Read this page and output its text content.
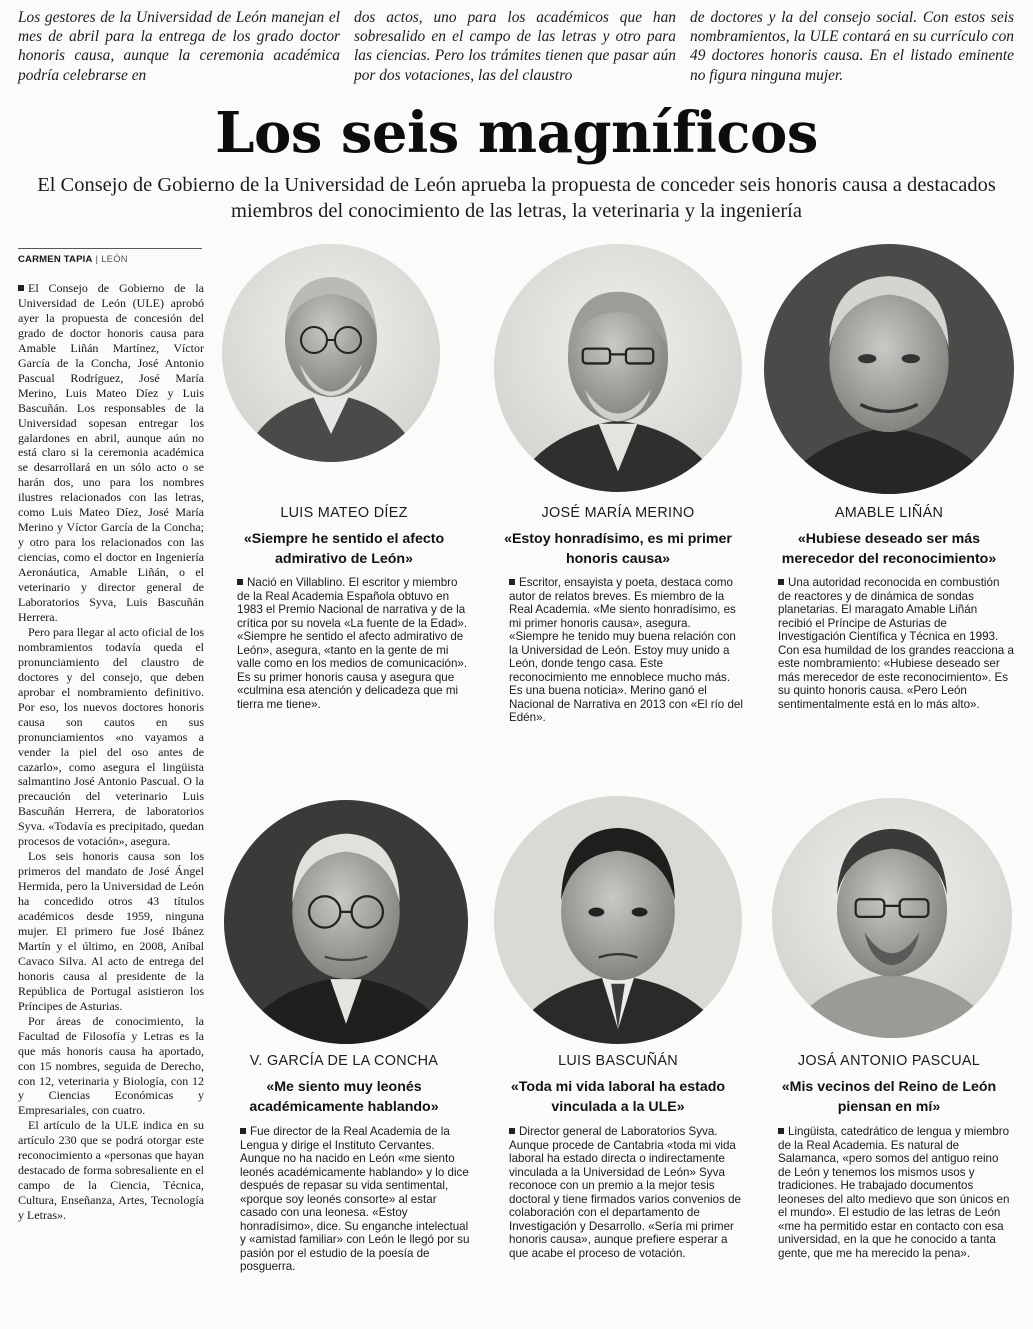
Los gestores de la Universidad de León manejan el mes de abril para la entrega de los grado doctor honoris causa, aunque la ceremonia académica podría celebrarse en
dos actos, uno para los académicos que han sobresalido en el campo de las letras y otro para las ciencias. Pero los trámites tienen que pasar aún por dos votaciones, las del claustro
de doctores y la del consejo social. Con estos seis nombramientos, la ULE contará en su currículo con 49 doctores honoris causa. En el listado eminente no figura ninguna mujer.
Los seis magníficos
El Consejo de Gobierno de la Universidad de León aprueba la propuesta de conceder seis honoris causa a destacados miembros del conocimiento de las letras, la veterinaria y la ingeniería
CARMEN TAPIA | LEÓN

El Consejo de Gobierno de la Universidad de León (ULE) aprobó ayer la propuesta de concesión del grado de doctor honoris causa para Amable Liñán Martínez, Víctor García de la Concha, José Antonio Pascual Rodríguez, José María Merino, Luis Mateo Díez y Luis Bascuñán. Los responsables de la Universidad sopesan entregar los galardones en abril, aunque aún no está claro si la ceremonia académica se desarrollará en un sólo acto o se harán dos, uno para los nombres ilustres relacionados con las letras, como Luis Mateo Díez, José María Merino y Víctor García de la Concha; y otro para los relacionados con las ciencias, como el doctor en Ingeniería Aeronáutica, Amable Liñán, o el veterinario y director general de Laboratorios Syva, Luis Bascuñán Herrera.

Pero para llegar al acto oficial de los nombramientos todavía queda el pronunciamiento del claustro de doctores y del consejo, que deben aprobar el nombramiento definitivo. Por eso, los nuevos doctores honoris causa son cautos en sus pronunciamientos «no vayamos a vender la piel del oso antes de cazarlo», como asegura el lingüista salmantino José Antonio Pascual. O la precaución del veterinario Luis Bascuñán Herrera, de laboratorios Syva. «Todavía es precipitado, quedan procesos de votación», asegura.

Los seis honoris causa son los primeros del mandato de José Ángel Hermida, pero la Universidad de León ha concedido otros 43 títulos académicos desde 1959, ninguna mujer. El primero fue José Ibánez Martín y el último, en 2008, Aníbal Cavaco Silva. Al acto de entrega del honoris causa al presidente de la República de Portugal asistieron los Príncipes de Asturias.

Por áreas de conocimiento, la Facultad de Filosofía y Letras es la que más honoris causa ha aportado, con 15 nombres, seguida de Derecho, con 12, veterinaria y Biología, con 12 y Ciencias Económicas y Empresariales, con cuatro.

El artículo de la ULE indica en su artículo 230 que se podrá otorgar este reconocimiento a «personas que hayan destacado de forma sobresaliente en el campo de la Ciencia, Técnica, Cultura, Enseñanza, Artes, Tecnología y Letras».

LUIS MATEO DÍEZ
«Siempre he sentido el afecto admirativo de León»
Nació en Villablino. El escritor y miembro de la Real Academia Española obtuvo en 1983 el Premio Nacional de narrativa y de la crítica por su novela «La fuente de la Edad». «Siempre he sentido el afecto admirativo de León», asegura, «tanto en la gente de mi valle como en los medios de comunicación». Es su primer honoris causa y asegura que «culmina esa atención y delicadeza que mi tierra me tiene».
JOSÉ MARÍA MERINO
«Estoy honradísimo, es mi primer honoris causa»
Escritor, ensayista y poeta, destaca como autor de relatos breves. Es miembro de la Real Academia. «Me siento honradísimo, es mi primer honoris causa», asegura. «Siempre he tenido muy buena relación con la Universidad de León. Estoy muy unido a León, donde tengo casa. Este reconocimiento me ennoblece mucho más. Es una buena noticia». Merino ganó el Nacional de Narrativa en 2013 con «El río del Edén».
AMABLE LIÑÁN
«Hubiese deseado ser más merecedor del reconocimiento»
Una autoridad reconocida en combustión de reactores y de dinámica de sondas planetarias. El maragato Amable Liñán recibió el Príncipe de Asturias de Investigación Científica y Técnica en 1993. Con esa humildad de los grandes reacciona a este nombramiento: «Hubiese deseado ser más merecedor de este reconocimiento». Es su quinto honoris causa. «Pero León sentimentalmente está en lo más alto».
V. GARCÍA DE LA CONCHA
«Me siento muy leonés académicamente hablando»
Fue director de la Real Academia de la Lengua y dirige el Instituto Cervantes. Aunque no ha nacido en León «me siento leonés académicamente hablando» y lo dice después de repasar su vida sentimental, «porque soy leonés consorte» al estar casado con una leonesa. «Estoy honradísimo», dice. Su enganche intelectual y «amistad familiar» con León le llegó por su pasión por el estudio de la poesía de posguerra.
LUIS BASCUÑÁN
«Toda mi vida laboral ha estado vinculada a la ULE»
Director general de Laboratorios Syva. Aunque procede de Cantabria «toda mi vida laboral ha estado directa o indirectamente vinculada a la Universidad de León» Syva reconoce con un premio a la mejor tesis doctoral y tiene firmados varios convenios de colaboración con el departamento de Investigación y Desarrollo. «Sería mi primer honoris causa», aunque prefiere esperar a que acabe el proceso de votación.
JOSÁ ANTONIO PASCUAL
«Mis vecinos del Reino de León piensan en mí»
Lingüista, catedrático de lengua y miembro de la Real Academia. Es natural de Salamanca, «pero somos del antiguo reino de León y tenemos los mismos usos y tradiciones. He trabajado documentos leoneses del alto medievo que son únicos en el mundo». El estudio de las letras de León «me ha permitido estar en contacto con esa universidad, en la que he conocido a tanta gente, que me ha merecido la pena».
